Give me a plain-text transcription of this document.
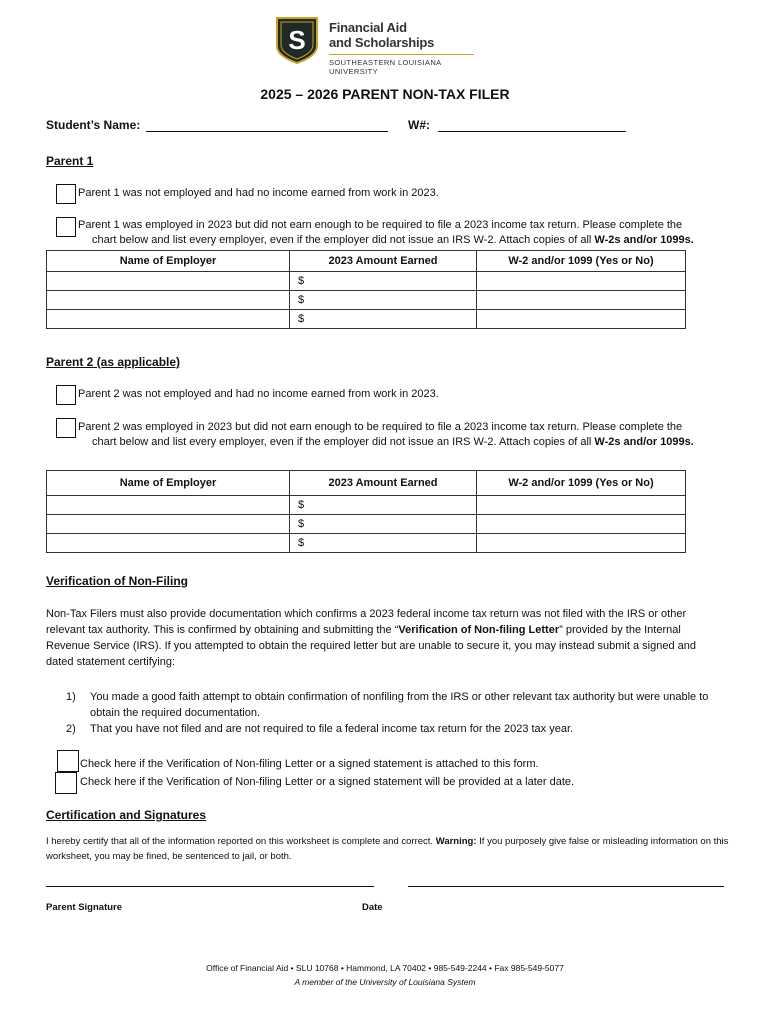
S Financial Aid
and Scholarships
SOUTHEASTERN LOUISIANA UNIVERSITY
2025 – 2026 PARENT NON-TAX FILER
Student’s Name:	W#:
Parent 1
Parent 1 was not employed and had no income earned from work in 2023.
Parent 1 was employed in 2023 but did not earn enough to be required to file a 2023 income tax return. Please complete the
chart below and list every employer, even if the employer did not issue an IRS W-2. Attach copies of all W-2s and/or 1099s.
Name of Employer	2023 Amount Earned	W-2 and/or 1099 (Yes or No)
	$	
	$	
	$	
Parent 2 (as applicable)
Parent 2 was not employed and had no income earned from work in 2023.
Parent 2 was employed in 2023 but did not earn enough to be required to file a 2023 income tax return. Please complete the
chart below and list every employer, even if the employer did not issue an IRS W-2. Attach copies of all W-2s and/or 1099s.
Name of Employer	2023 Amount Earned	W-2 and/or 1099 (Yes or No)
	$	
	$	
	$	
Verification of Non-Filing
Non-Tax Filers must also provide documentation which confirms a 2023 federal income tax return was not filed with the IRS or other relevant tax authority. This is confirmed by obtaining and submitting the “Verification of Non-filing Letter” provided by the Internal Revenue Service (IRS). If you attempted to obtain the required letter but are unable to secure it, you may instead submit a signed and dated statement certifying:
1) You made a good faith attempt to obtain confirmation of nonfiling from the IRS or other relevant tax authority but were unable to obtain the required documentation.
2) That you have not filed and are not required to file a federal income tax return for the 2023 tax year.
Check here if the Verification of Non-filing Letter or a signed statement is attached to this form.
Check here if the Verification of Non-filing Letter or a signed statement will be provided at a later date.
Certification and Signatures
I hereby certify that all of the information reported on this worksheet is complete and correct. Warning: If you purposely give false or misleading information on this worksheet, you may be fined, be sentenced to jail, or both.
Parent Signature	Date
Office of Financial Aid • SLU 10768 • Hammond, LA 70402 • 985-549-2244 • Fax 985-549-5077
A member of the University of Louisiana System
